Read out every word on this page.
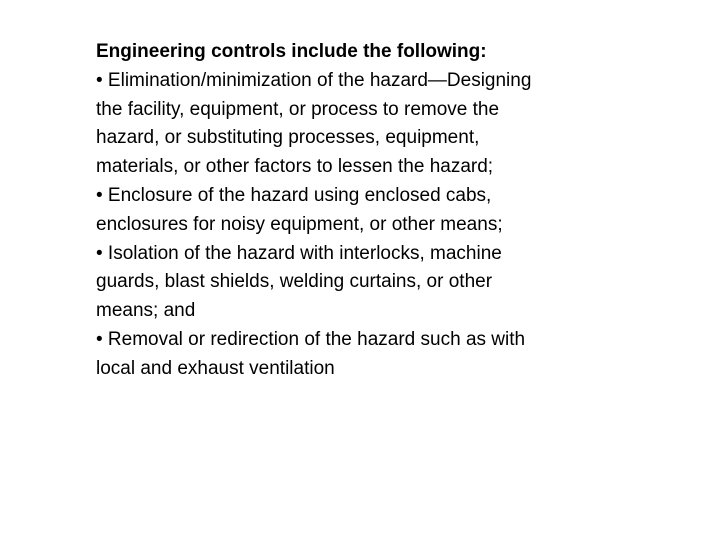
Engineering controls include the following:
• Elimination/minimization of the hazard—Designing
the facility, equipment, or process to remove the
hazard, or substituting processes, equipment,
materials, or other factors to lessen the hazard;
• Enclosure of the hazard using enclosed cabs,
enclosures for noisy equipment, or other means;
• Isolation of the hazard with interlocks, machine
guards, blast shields, welding curtains, or other
means; and
• Removal or redirection of the hazard such as with
local and exhaust ventilation
